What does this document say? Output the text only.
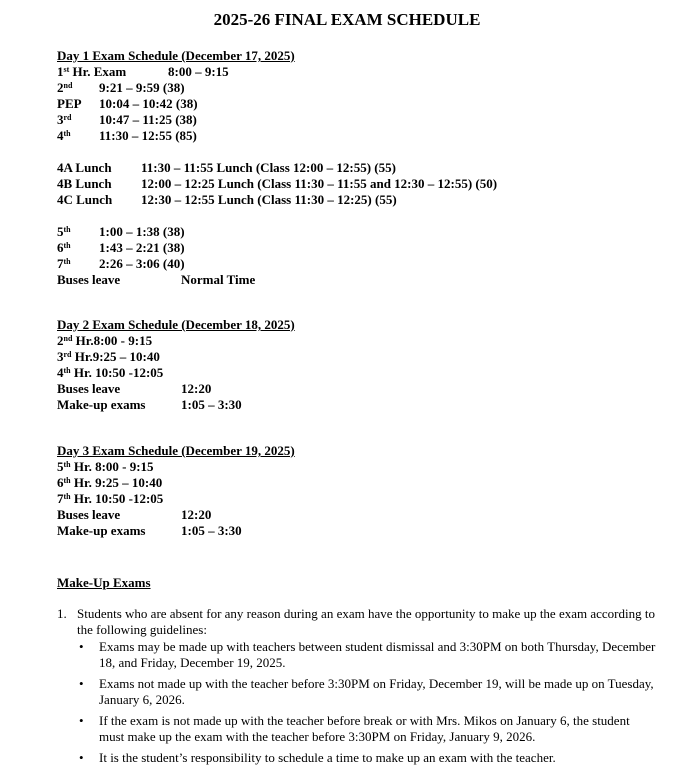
2025-26 FINAL EXAM SCHEDULE
Day 1 Exam Schedule (December 17, 2025)
1st Hr. Exam	8:00 – 9:15
2nd 9:21 – 9:59 (38)
PEP 10:04 – 10:42 (38)
3rd 10:47 – 11:25 (38)
4th 11:30 – 12:55 (85)
4A Lunch 11:30 – 11:55 Lunch (Class 12:00 – 12:55) (55)
4B Lunch 12:00 – 12:25 Lunch (Class 11:30 – 11:55 and 12:30 – 12:55) (50)
4C Lunch 12:30 – 12:55 Lunch (Class 11:30 – 12:25) (55)
5th 1:00 – 1:38 (38)
6th 1:43 – 2:21 (38)
7th 2:26 – 3:06 (40)
Buses leave	Normal Time
Day 2 Exam Schedule (December 18, 2025)
2nd Hr.8:00 - 9:15
3rd Hr.9:25 – 10:40
4th Hr. 10:50 -12:05
Buses leave	12:20
Make-up exams	1:05 – 3:30
Day 3 Exam Schedule (December 19, 2025)
5th Hr. 8:00 - 9:15
6th Hr. 9:25 – 10:40
7th Hr. 10:50 -12:05
Buses leave	12:20
Make-up exams	1:05 – 3:30
Make-Up Exams
1. Students who are absent for any reason during an exam have the opportunity to make up the exam according to the following guidelines:
• Exams may be made up with teachers between student dismissal and 3:30PM on both Thursday, December 18, and Friday, December 19, 2025.
• Exams not made up with the teacher before 3:30PM on Friday, December 19, will be made up on Tuesday, January 6, 2026.
• If the exam is not made up with the teacher before break or with Mrs. Mikos on January 6, the student must make up the exam with the teacher before 3:30PM on Friday, January 9, 2026.
• It is the student’s responsibility to schedule a time to make up an exam with the teacher.
